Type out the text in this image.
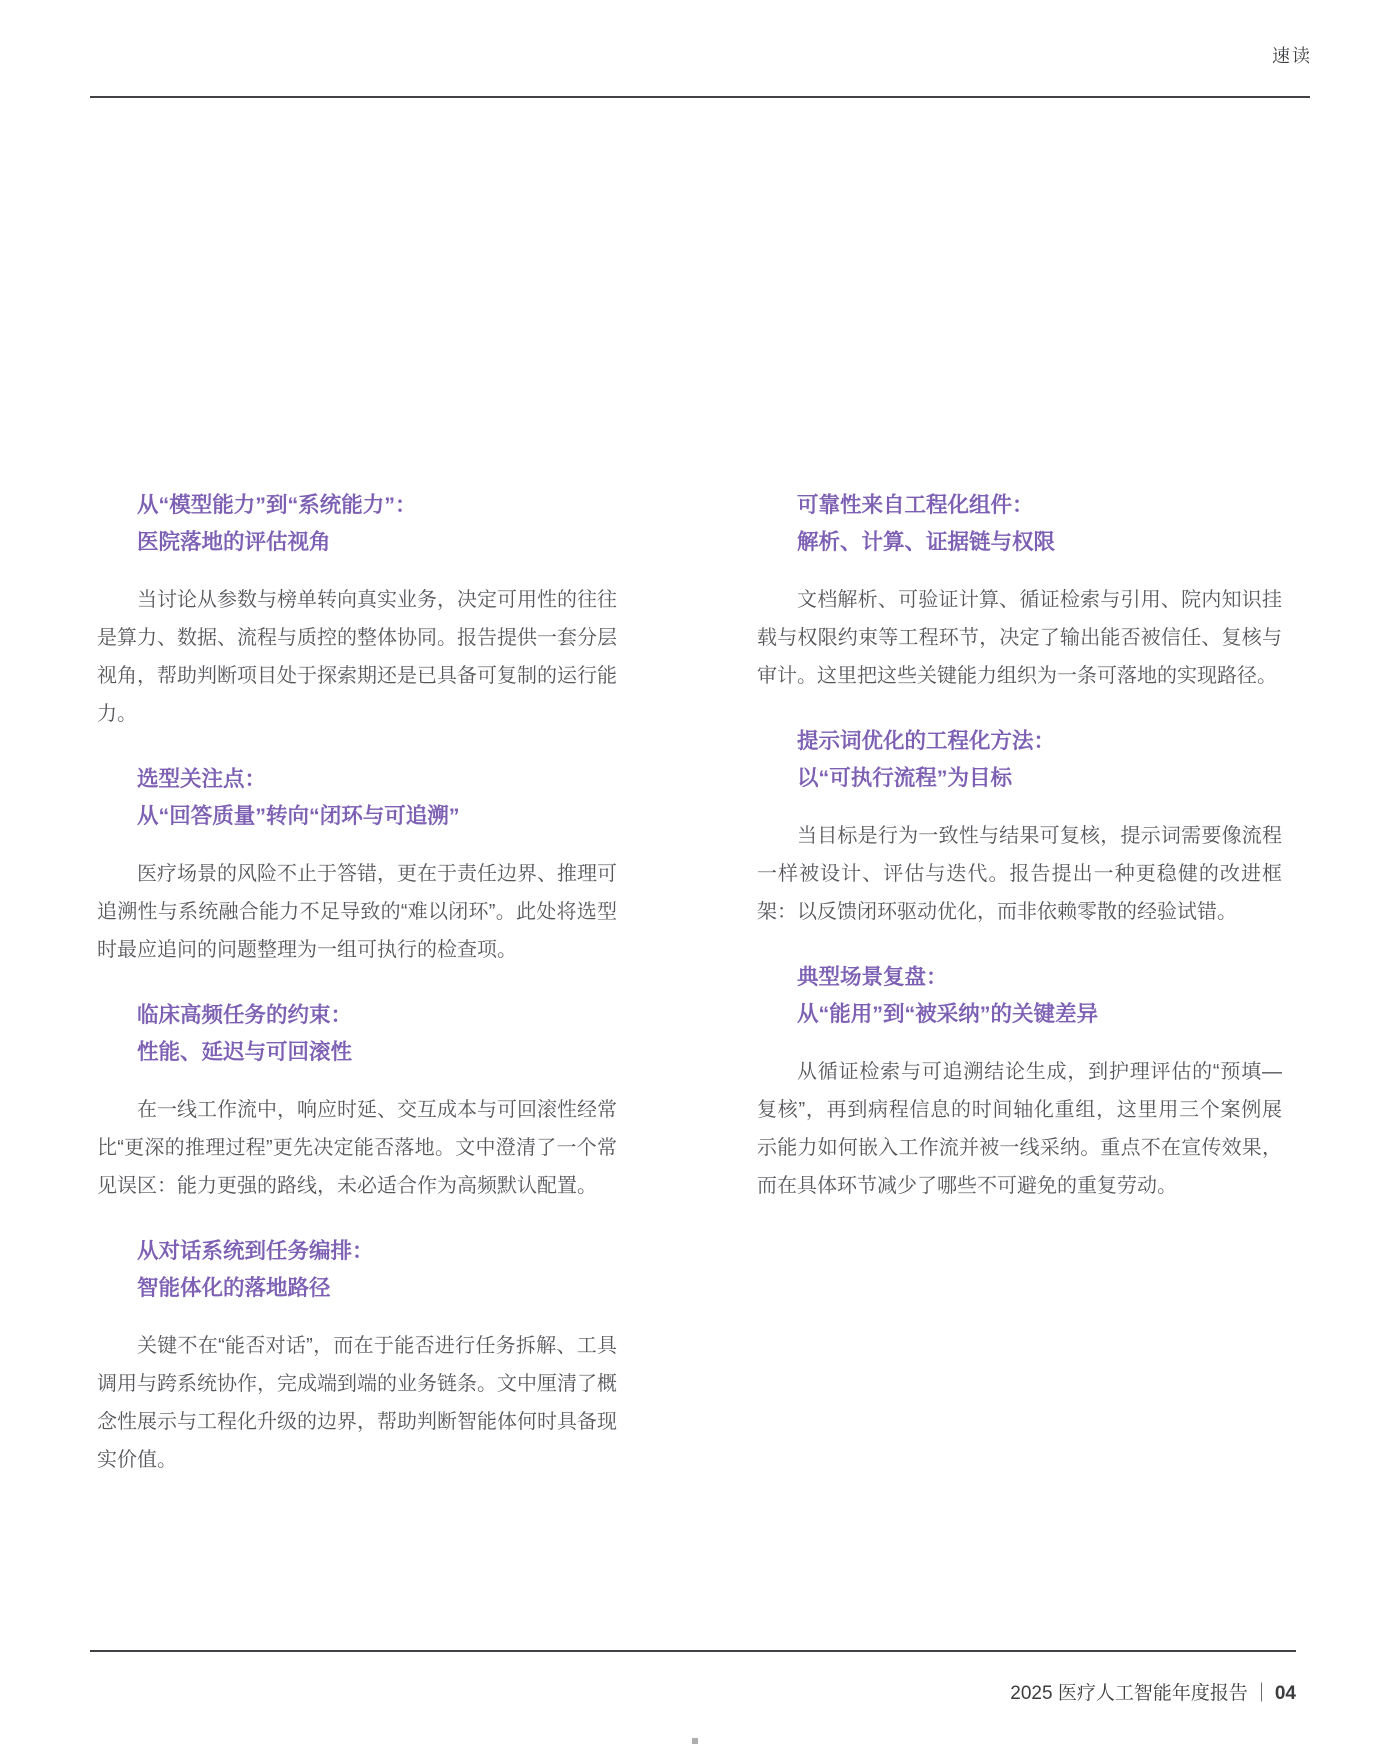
速读
从“模型能力”到“系统能力”：
医院落地的评估视角

当讨论从参数与榜单转向真实业务，决定可用性的往往是算力、数据、流程与质控的整体协同。报告提供一套分层视角，帮助判断项目处于探索期还是已具备可复制的运行能力。

选型关注点：
从“回答质量”转向“闭环与可追溯”

医疗场景的风险不止于答错，更在于责任边界、推理可追溯性与系统融合能力不足导致的“难以闭环”。此处将选型时最应追问的问题整理为一组可执行的检查项。

临床高频任务的约束：
性能、延迟与可回滚性

在一线工作流中，响应时延、交互成本与可回滚性经常比“更深的推理过程”更先决定能否落地。文中澄清了一个常见误区：能力更强的路线，未必适合作为高频默认配置。

从对话系统到任务编排：
智能体化的落地路径

关键不在“能否对话”，而在于能否进行任务拆解、工具调用与跨系统协作，完成端到端的业务链条。文中厘清了概念性展示与工程化升级的边界，帮助判断智能体何时具备现实价值。

可靠性来自工程化组件：
解析、计算、证据链与权限

文档解析、可验证计算、循证检索与引用、院内知识挂载与权限约束等工程环节，决定了输出能否被信任、复核与审计。这里把这些关键能力组织为一条可落地的实现路径。

提示词优化的工程化方法：
以“可执行流程”为目标

当目标是行为一致性与结果可复核，提示词需要像流程一样被设计、评估与迭代。报告提出一种更稳健的改进框架：以反馈闭环驱动优化，而非依赖零散的经验试错。

典型场景复盘：
从“能用”到“被采纳”的关键差异

从循证检索与可追溯结论生成，到护理评估的“预填—复核”，再到病程信息的时间轴化重组，这里用三个案例展示能力如何嵌入工作流并被一线采纳。重点不在宣传效果，而在具体环节减少了哪些不可避免的重复劳动。

2025 医疗人工智能年度报告 ｜ 04
